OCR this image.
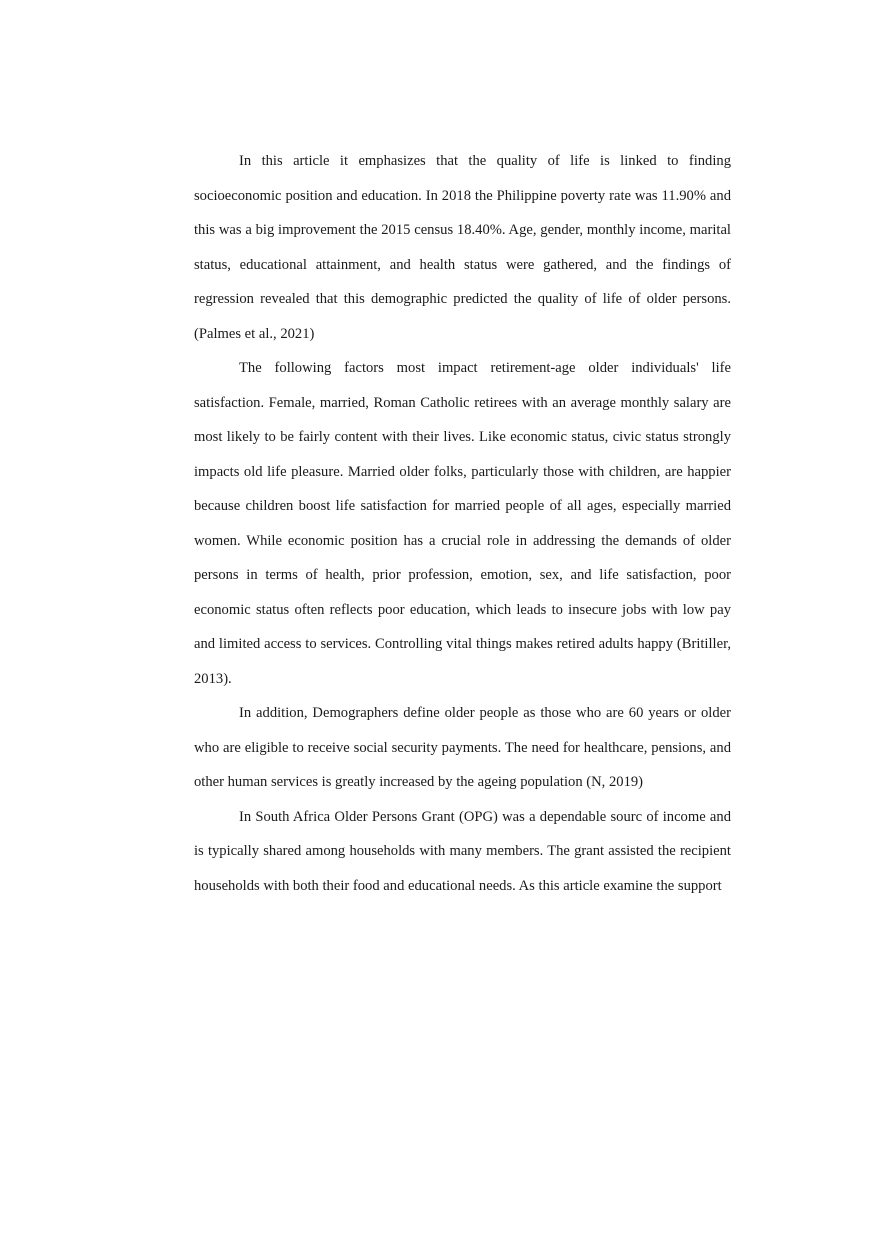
In this article it emphasizes that the quality of life is linked to finding socioeconomic position and education. In 2018 the Philippine poverty rate was 11.90% and this was a big improvement the 2015 census 18.40%. Age, gender, monthly income, marital status, educational attainment, and health status were gathered, and the findings of regression revealed that this demographic predicted the quality of life of older persons. (Palmes et al., 2021)

The following factors most impact retirement-age older individuals' life satisfaction. Female, married, Roman Catholic retirees with an average monthly salary are most likely to be fairly content with their lives. Like economic status, civic status strongly impacts old life pleasure. Married older folks, particularly those with children, are happier because children boost life satisfaction for married people of all ages, especially married women. While economic position has a crucial role in addressing the demands of older persons in terms of health, prior profession, emotion, sex, and life satisfaction, poor economic status often reflects poor education, which leads to insecure jobs with low pay and limited access to services. Controlling vital things makes retired adults happy (Britiller, 2013).

In addition, Demographers define older people as those who are 60 years or older who are eligible to receive social security payments. The need for healthcare, pensions, and other human services is greatly increased by the ageing population (N, 2019)

In South Africa Older Persons Grant (OPG) was a dependable sourc of income and is typically shared among households with many members. The grant assisted the recipient households with both their food and educational needs. As this article examine the support
